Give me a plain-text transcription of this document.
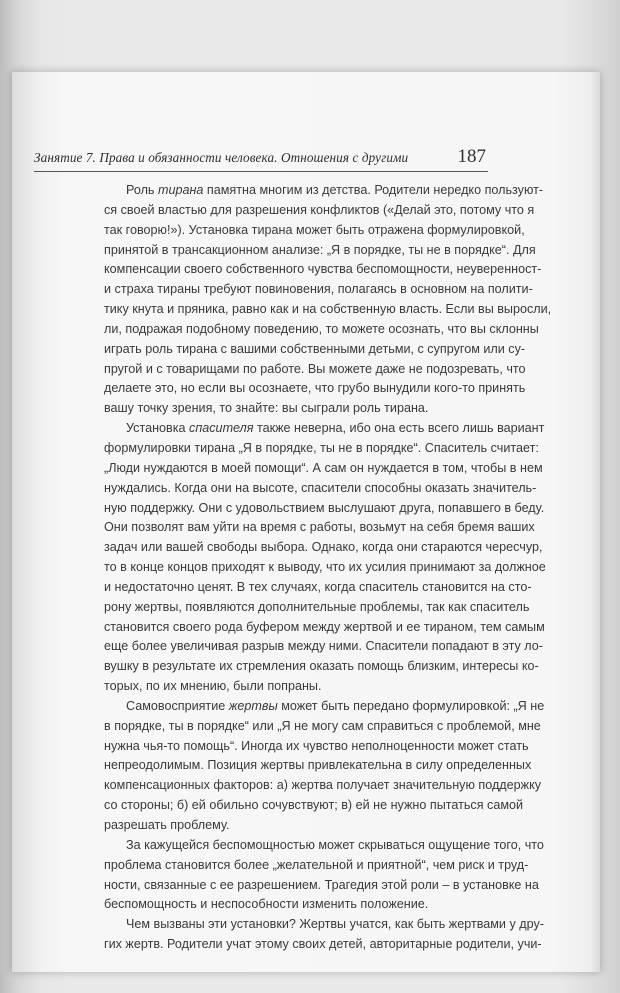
Занятие 7. Права и обязанности человека. Отношения с другими	187
Роль тирана памятна многим из детства. Родители нередко пользуют-
ся своей властью для разрешения конфликтов («Делай это, потому что я
так говорю!»). Установка тирана может быть отражена формулировкой,
принятой в трансакционном анализе: „Я в порядке, ты не в порядке“. Для
компенсации своего собственного чувства беспомощности, неуверенност-
и страха тираны требуют повиновения, полагаясь в основном на полити-
тику кнута и пряника, равно как и на собственную власть. Если вы выросли,
ли, подражая подобному поведению, то можете осознать, что вы склонны
играть роль тирана с вашими собственными детьми, с супругом или су-
пругой и с товарищами по работе. Вы можете даже не подозревать, что
делаете это, но если вы осознаете, что грубо вынудили кого-то принять
вашу точку зрения, то знайте: вы сыграли роль тирана.
Установка спасителя также неверна, ибо она есть всего лишь вариант
формулировки тирана „Я в порядке, ты не в порядке“. Спаситель считает:
„Люди нуждаются в моей помощи“. А сам он нуждается в том, чтобы в нем
нуждались. Когда они на высоте, спасители способны оказать значитель-
ную поддержку. Они с удовольствием выслушают друга, попавшего в беду.
Они позволят вам уйти на время с работы, возьмут на себя бремя ваших
задач или вашей свободы выбора. Однако, когда они стараются чересчур,
то в конце концов приходят к выводу, что их усилия принимают за должное
и недостаточно ценят. В тех случаях, когда спаситель становится на сто-
рону жертвы, появляются дополнительные проблемы, так как спаситель
становится своего рода буфером между жертвой и ее тираном, тем самым
еще более увеличивая разрыв между ними. Спасители попадают в эту ло-
вушку в результате их стремления оказать помощь близким, интересы ко-
торых, по их мнению, были попраны.
Самовосприятие жертвы может быть передано формулировкой: „Я не
в порядке, ты в порядке“ или „Я не могу сам справиться с проблемой, мне
нужна чья-то помощь“. Иногда их чувство неполноценности может стать
непреодолимым. Позиция жертвы привлекательна в силу определенных
компенсационных факторов: а) жертва получает значительную поддержку
со стороны; б) ей обильно сочувствуют; в) ей не нужно пытаться самой
разрешать проблему.
За кажущейся беспомощностью может скрываться ощущение того, что
проблема становится более „желательной и приятной“, чем риск и труд-
ности, связанные с ее разрешением. Трагедия этой роли – в установке на
беспомощность и неспособности изменить положение.
Чем вызваны эти установки? Жертвы учатся, как быть жертвами у дру-
гих жертв. Родители учат этому своих детей, авторитарные родители, учи-
